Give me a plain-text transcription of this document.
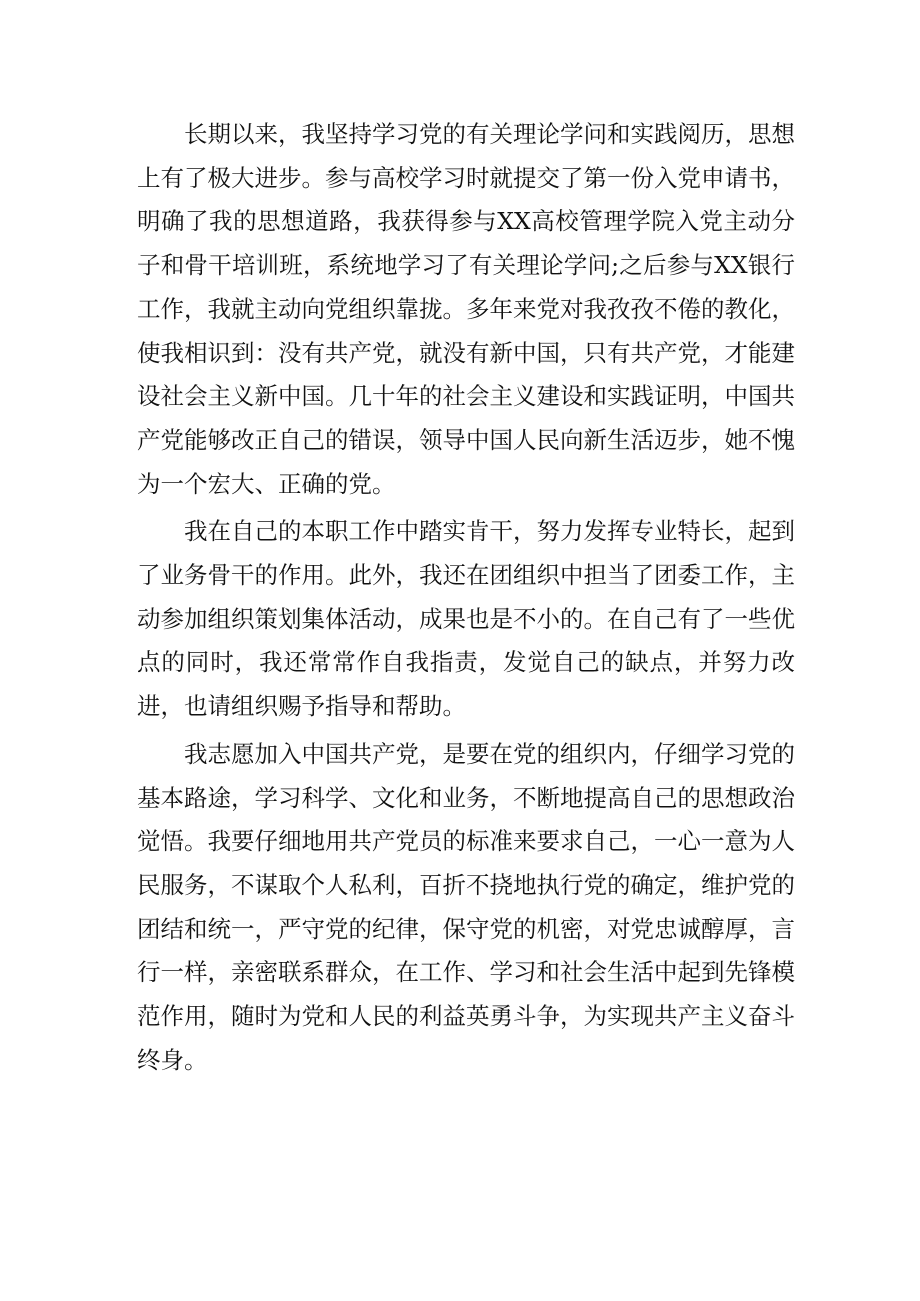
长期以来，我坚持学习党的有关理论学问和实践阅历，思想上有了极大进步。参与高校学习时就提交了第一份入党申请书，明确了我的思想道路，我获得参与XX高校管理学院入党主动分子和骨干培训班，系统地学习了有关理论学问;之后参与XX银行工作，我就主动向党组织靠拢。多年来党对我孜孜不倦的教化，使我相识到：没有共产党，就没有新中国，只有共产党，才能建设社会主义新中国。几十年的社会主义建设和实践证明，中国共产党能够改正自己的错误，领导中国人民向新生活迈步，她不愧为一个宏大、正确的党。

我在自己的本职工作中踏实肯干，努力发挥专业特长，起到了业务骨干的作用。此外，我还在团组织中担当了团委工作，主动参加组织策划集体活动，成果也是不小的。在自己有了一些优点的同时，我还常常作自我指责，发觉自己的缺点，并努力改进，也请组织赐予指导和帮助。

我志愿加入中国共产党，是要在党的组织内，仔细学习党的基本路途，学习科学、文化和业务，不断地提高自己的思想政治觉悟。我要仔细地用共产党员的标准来要求自己，一心一意为人民服务，不谋取个人私利，百折不挠地执行党的确定，维护党的团结和统一，严守党的纪律，保守党的机密，对党忠诚醇厚，言行一样，亲密联系群众，在工作、学习和社会生活中起到先锋模范作用，随时为党和人民的利益英勇斗争，为实现共产主义奋斗终身。
